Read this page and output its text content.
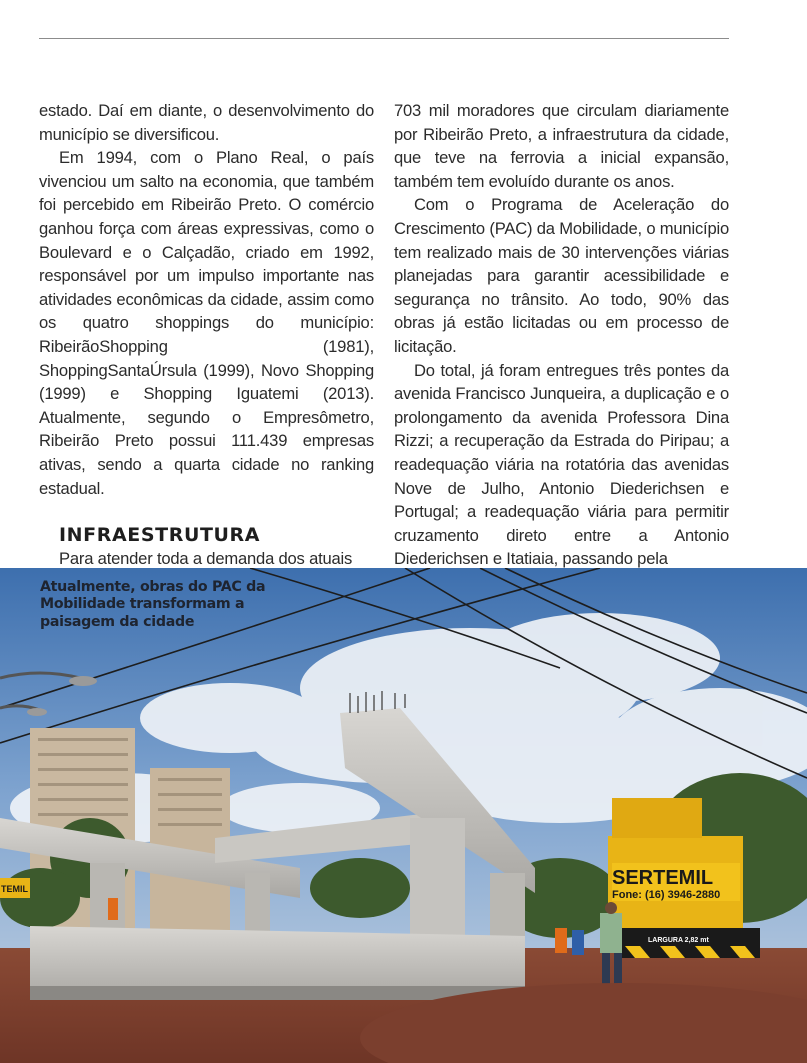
estado. Daí em diante, o desenvolvimento do município se diversificou.

Em 1994, com o Plano Real, o país vivenciou um salto na economia, que também foi percebido em Ribeirão Preto. O comércio ganhou força com áreas expressivas, como o Boulevard e o Calçadão, criado em 1992, responsável por um impulso importante nas atividades econômicas da cidade, assim como os quatro shoppings do município: RibeirãoShopping (1981), ShoppingSantaÚrsula (1999), Novo Shopping (1999) e Shopping Iguatemi (2013). Atualmente, segundo o Empresômetro, Ribeirão Preto possui 111.439 empresas ativas, sendo a quarta cidade no ranking estadual.

INFRAESTRUTURA

Para atender toda a demanda dos atuais

703 mil moradores que circulam diariamente por Ribeirão Preto, a infraestrutura da cidade, que teve na ferrovia a inicial expansão, também tem evoluído durante os anos.

Com o Programa de Aceleração do Crescimento (PAC) da Mobilidade, o município tem realizado mais de 30 intervenções viárias planejadas para garantir acessibilidade e segurança no trânsito. Ao todo, 90% das obras já estão licitadas ou em processo de licitação.

Do total, já foram entregues três pontes da avenida Francisco Junqueira, a duplicação e o prolongamento da avenida Professora Dina Rizzi; a recuperação da Estrada do Piripau; a readequação viária na rotatória das avenidas Nove de Julho, Antonio Diederichsen e Portugal; a readequação viária para permitir cruzamento direto entre a Antonio Diederichsen e Itatiaia, passando pela

SERTEMIL
Fone: (16) 3946-2880
LARGURA 2,82 mt
TEMIL
Atualmente, obras do PAC da Mobilidade transformam a paisagem da cidade
